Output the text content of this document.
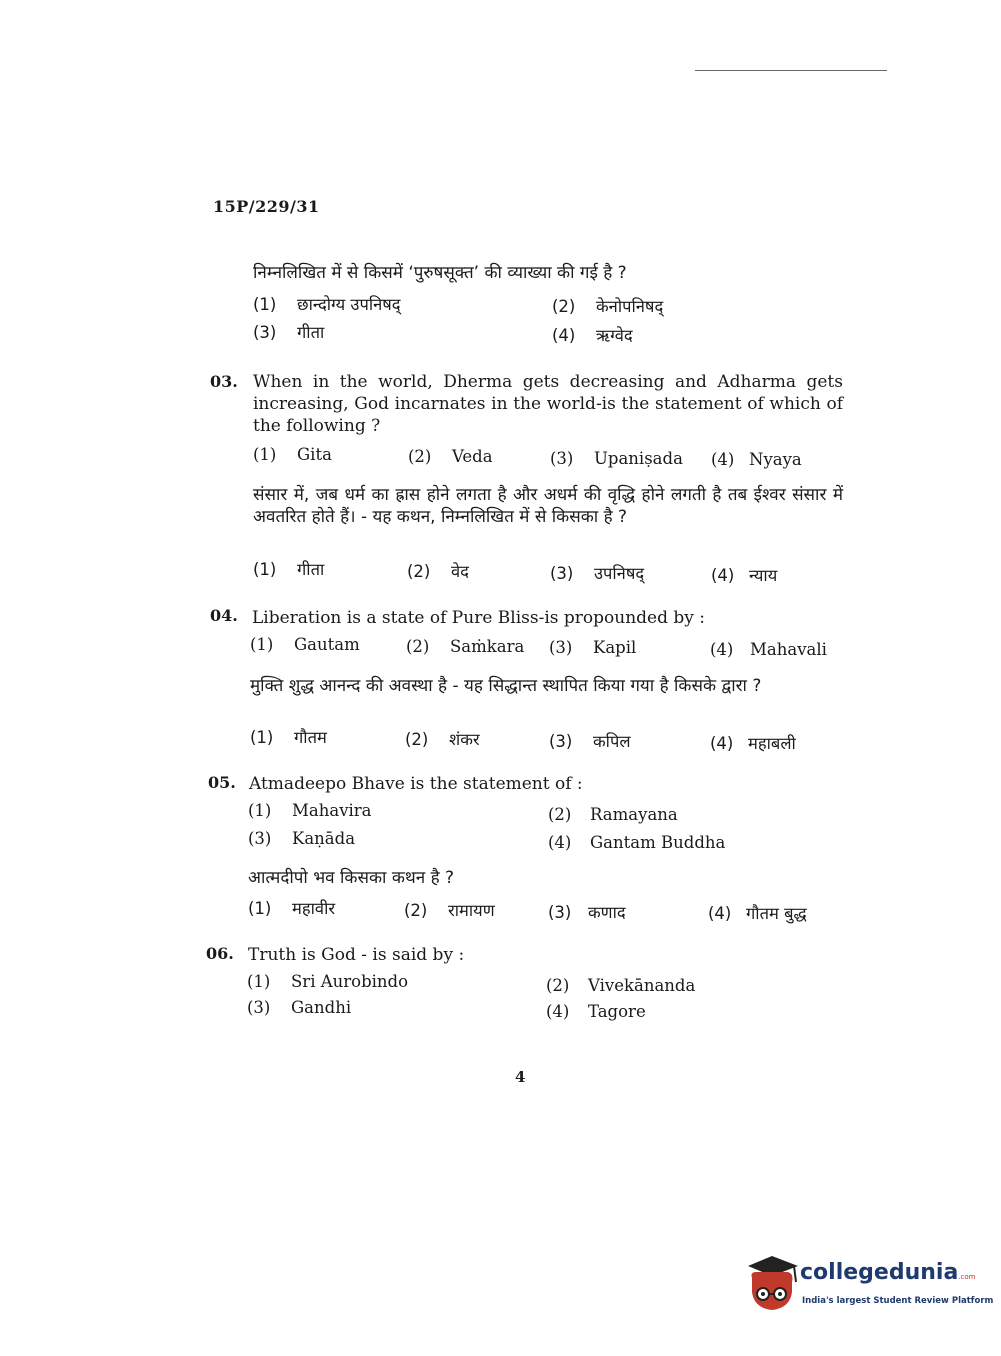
15P/229/31
निम्नलिखित में से किसमें ‘पुरुषसूक्त’ की व्याख्या की गई है ?
(1) छान्दोग्य उपनिषद्	(2) केनोपनिषद्
(3) गीता	(4) ऋग्वेद
03. When in the world, Dherma gets decreasing and Adharma gets increasing, God incarnates in the world-is the statement of which of the following ?
(1) Gita	(2) Veda	(3) Upaniṣada (4) Nyaya
संसार में, जब धर्म का ह्रास होने लगता है और अधर्म की वृद्धि होने लगती है तब ईश्वर संसार में अवतरित होते हैं। - यह कथन, निम्नलिखित में से किसका है ?
(1) गीता	(2) वेद	(3) उपनिषद्	(4) न्याय
04. Liberation is a state of Pure Bliss-is propounded by :
(1) Gautam	(2) Saṁkara (3) Kapil	(4) Mahavali
मुक्ति शुद्ध आनन्द की अवस्था है - यह सिद्धान्त स्थापित किया गया है किसके द्वारा ?
(1) गौतम	(2) शंकर	(3) कपिल	(4) महाबली
05. Atmadeepo Bhave is the statement of :
(1) Mahavira	(2) Ramayana
(3) Kaṇāda	(4) Gantam Buddha
आत्मदीपो भव किसका कथन है ?
(1) महावीर	(2) रामायण	(3) कणाद	(4) गौतम बुद्ध
06. Truth is God - is said by :
(1) Sri Aurobindo	(2) Vivekānanda
(3) Gandhi	(4) Tagore
4
collegedunia.com
India's largest Student Review Platform
